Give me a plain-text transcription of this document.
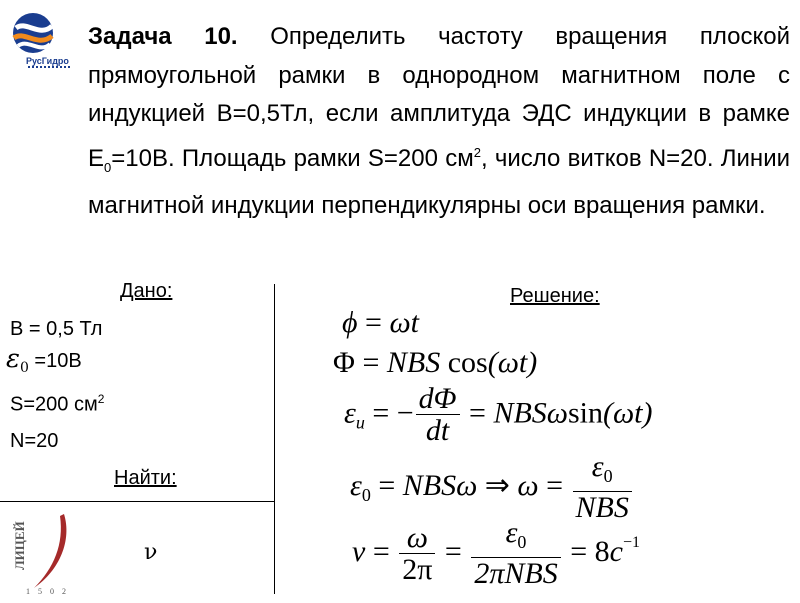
РусГидро
Задача 10. Определить частоту вращения плоской прямоугольной рамки в однородном магнитном поле с индукцией В=0,5Тл, если амплитуда ЭДС индукции в рамке $Е_0=10В$. Площадь рамки S=200 $см^2$, число витков N=20. Линии магнитной индукции перпендикулярны оси вращения рамки.
Дано:
B = 0,5 Тл
$\varepsilon_0 =10В$
S=200 $см^2$
N=20
Найти:
ν
ЛИЦЕЙ
1 5 0 2
Решение:
ϕ = ωt
Φ = NBS cos(ωt)
$\varepsilon_и$ = − $\frac{d\Phi}{dt} = NBS\omega\sin(\omega t)$
$\varepsilon_0 = NBS\omega$ ⇒ $\omega = \frac{\varepsilon_0}{\text{NBS}}$
$\nu = \frac{\omega}{2\pi} = \frac{\varepsilon_0}{\text{2πNBS}} = 8c^{-1}$
